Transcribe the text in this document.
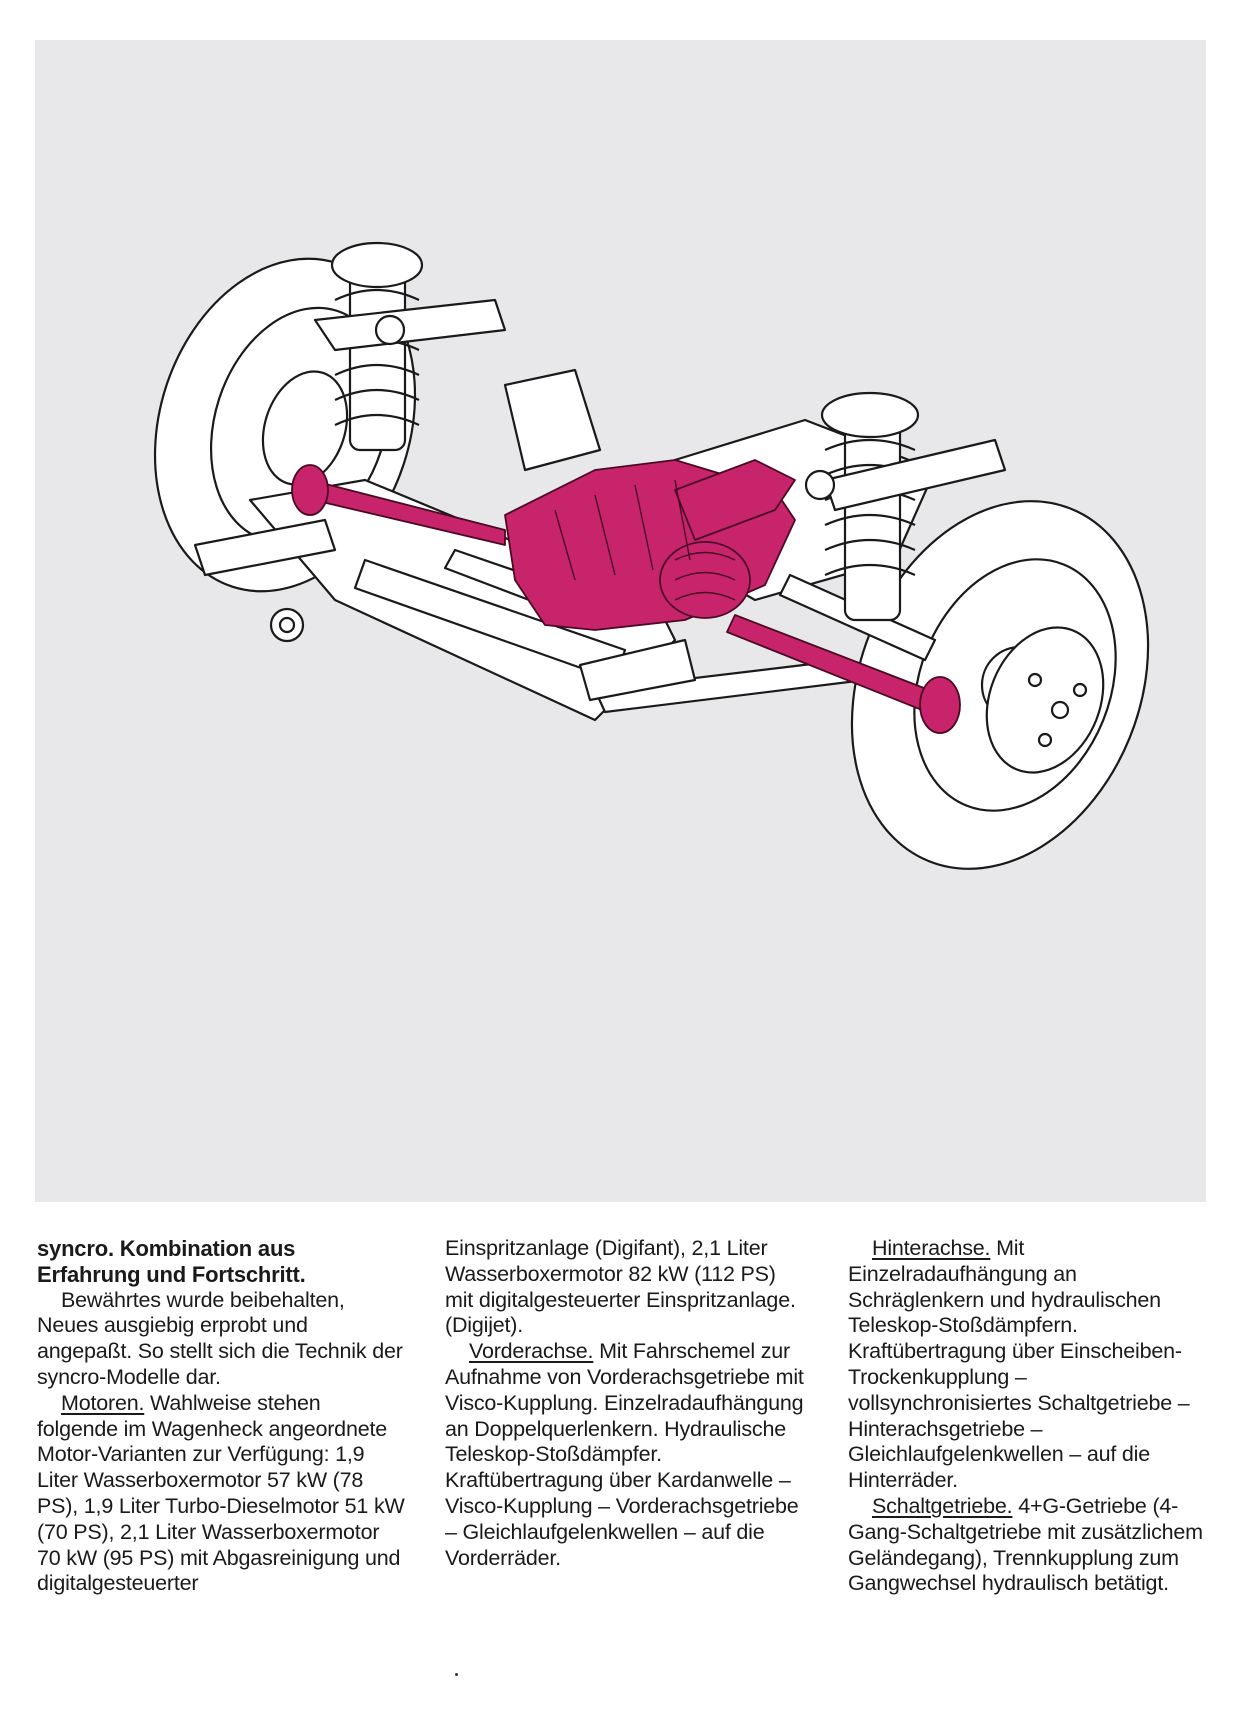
syncro. Kombination aus
Erfahrung und Fortschritt.

Bewährtes wurde beibehalten, Neues ausgiebig erprobt und angepaßt. So stellt sich die Technik der syncro-Modelle dar.

Motoren. Wahlweise stehen folgende im Wagenheck angeordnete Motor-Varianten zur Verfügung: 1,9 Liter Wasserboxermotor 57 kW (78 PS), 1,9 Liter Turbo-Dieselmotor 51 kW (70 PS), 2,1 Liter Wasserboxermotor 70 kW (95 PS) mit Abgasreinigung und digitalgesteuerter

Einspritzanlage (Digifant), 2,1 Liter Wasserboxermotor 82 kW (112 PS) mit digitalgesteuerter Einspritzanlage. (Digijet).

Vorderachse. Mit Fahrschemel zur Aufnahme von Vorderachsgetriebe mit Visco-Kupplung. Einzelradaufhängung an Doppelquerlenkern. Hydraulische Teleskop-Stoßdämpfer. Kraftübertragung über Kardanwelle – Visco-Kupplung – Vorderachsgetriebe – Gleichlaufgelenkwellen – auf die Vorderräder.

Hinterachse. Mit Einzelradaufhängung an Schräglenkern und hydraulischen Teleskop-Stoßdämpfern. Kraftübertragung über Einscheiben-Trockenkupplung – vollsynchronisiertes Schaltgetriebe – Hinterachsgetriebe – Gleichlaufgelenkwellen – auf die Hinterräder.

Schaltgetriebe. 4+G-Getriebe (4-Gang-Schaltgetriebe mit zusätzlichem Geländegang), Trennkupplung zum Gangwechsel hydraulisch betätigt.
